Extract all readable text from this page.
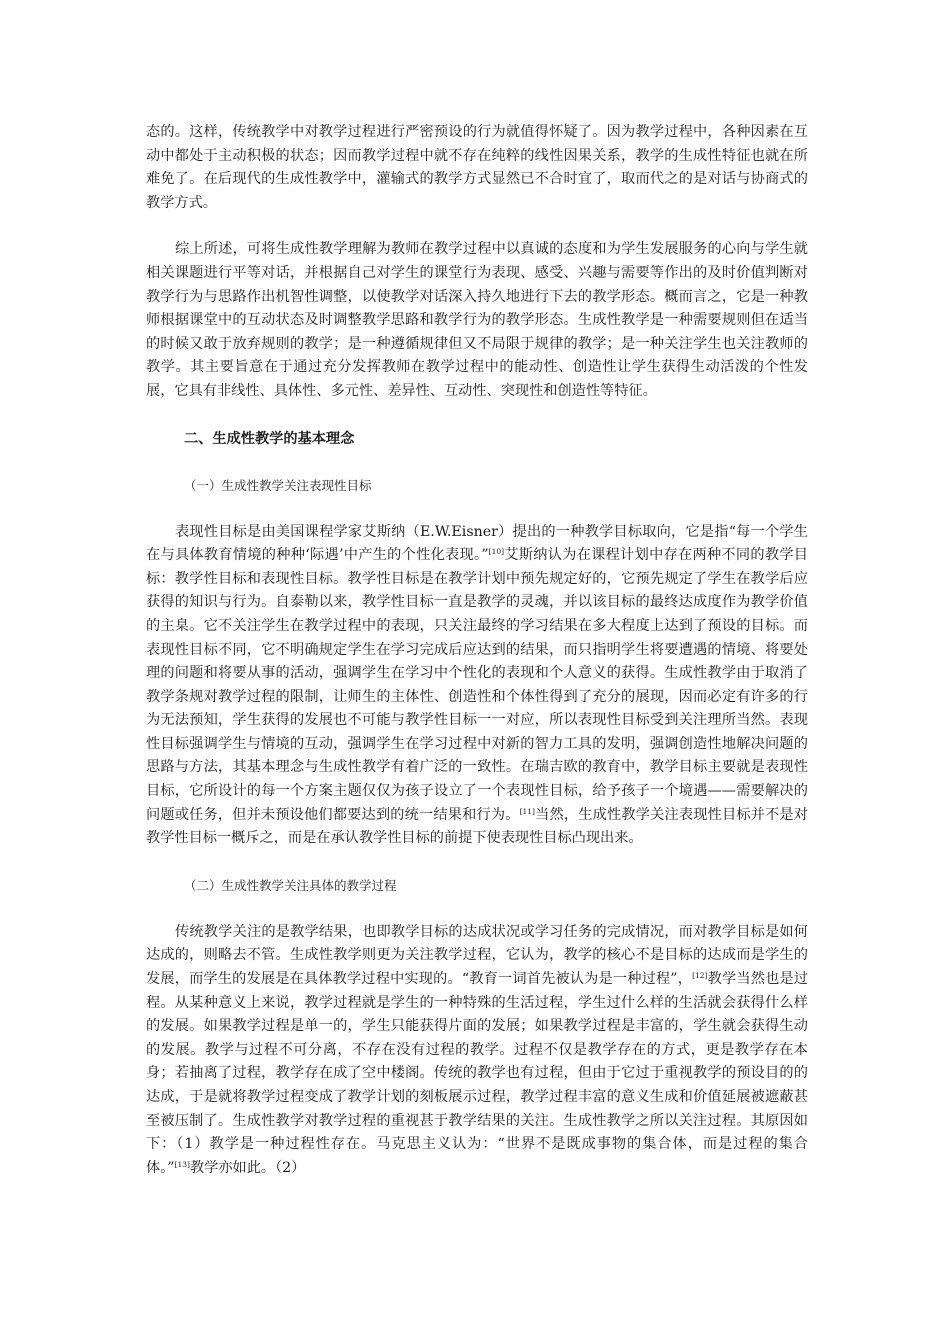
态的。这样，传统教学中对教学过程进行严密预设的行为就值得怀疑了。因为教学过程中，各种因素在互动中都处于主动积极的状态；因而教学过程中就不存在纯粹的线性因果关系，教学的生成性特征也就在所难免了。在后现代的生成性教学中，灌输式的教学方式显然已不合时宜了，取而代之的是对话与协商式的教学方式。

综上所述，可将生成性教学理解为教师在教学过程中以真诚的态度和为学生发展服务的心向与学生就相关课题进行平等对话，并根据自己对学生的课堂行为表现、感受、兴趣与需要等作出的及时价值判断对教学行为与思路作出机智性调整，以使教学对话深入持久地进行下去的教学形态。概而言之，它是一种教师根据课堂中的互动状态及时调整教学思路和教学行为的教学形态。生成性教学是一种需要规则但在适当的时候又敢于放弃规则的教学；是一种遵循规律但又不局限于规律的教学；是一种关注学生也关注教师的教学。其主要旨意在于通过充分发挥教师在教学过程中的能动性、创造性让学生获得生动活泼的个性发展，它具有非线性、具体性、多元性、差异性、互动性、突现性和创造性等特征。

二、生成性教学的基本理念

（一）生成性教学关注表现性目标

表现性目标是由美国课程学家艾斯纳（E.W.Eisner）提出的一种教学目标取向，它是指“每一个学生在与具体教育情境的种种‘际遇’中产生的个性化表现。”[10]艾斯纳认为在课程计划中存在两种不同的教学目标：教学性目标和表现性目标。教学性目标是在教学计划中预先规定好的，它预先规定了学生在教学后应获得的知识与行为。自泰勒以来，教学性目标一直是教学的灵魂，并以该目标的最终达成度作为教学价值的主臬。它不关注学生在教学过程中的表现，只关注最终的学习结果在多大程度上达到了预设的目标。而表现性目标不同，它不明确规定学生在学习完成后应达到的结果，而只指明学生将要遭遇的情境、将要处理的问题和将要从事的活动，强调学生在学习中个性化的表现和个人意义的获得。生成性教学由于取消了教学条规对教学过程的限制，让师生的主体性、创造性和个体性得到了充分的展现，因而必定有许多的行为无法预知，学生获得的发展也不可能与教学性目标一一对应，所以表现性目标受到关注理所当然。表现性目标强调学生与情境的互动，强调学生在学习过程中对新的智力工具的发明，强调创造性地解决问题的思路与方法，其基本理念与生成性教学有着广泛的一致性。在瑞吉欧的教育中，教学目标主要就是表现性目标，它所设计的每一个方案主题仅仅为孩子设立了一个表现性目标，给予孩子一个境遇——需要解决的问题或任务，但并未预设他们都要达到的统一结果和行为。[11]当然，生成性教学关注表现性目标并不是对教学性目标一概斥之，而是在承认教学性目标的前提下使表现性目标凸现出来。

（二）生成性教学关注具体的教学过程

传统教学关注的是教学结果，也即教学目标的达成状况或学习任务的完成情况，而对教学目标是如何达成的，则略去不管。生成性教学则更为关注教学过程，它认为，教学的核心不是目标的达成而是学生的发展，而学生的发展是在具体教学过程中实现的。“教育一词首先被认为是一种过程”，[12]教学当然也是过程。从某种意义上来说，教学过程就是学生的一种特殊的生活过程，学生过什么样的生活就会获得什么样的发展。如果教学过程是单一的，学生只能获得片面的发展；如果教学过程是丰富的，学生就会获得生动的发展。教学与过程不可分离，不存在没有过程的教学。过程不仅是教学存在的方式，更是教学存在本身；若抽离了过程，教学存在成了空中楼阁。传统的教学也有过程，但由于它过于重视教学的预设目的的达成，于是就将教学过程变成了教学计划的刻板展示过程，教学过程丰富的意义生成和价值延展被遮蔽甚至被压制了。生成性教学对教学过程的重视甚于教学结果的关注。生成性教学之所以关注过程。其原因如下：（1）教学是一种过程性存在。马克思主义认为：“世界不是既成事物的集合体，而是过程的集合体。”[13]教学亦如此。（2）
